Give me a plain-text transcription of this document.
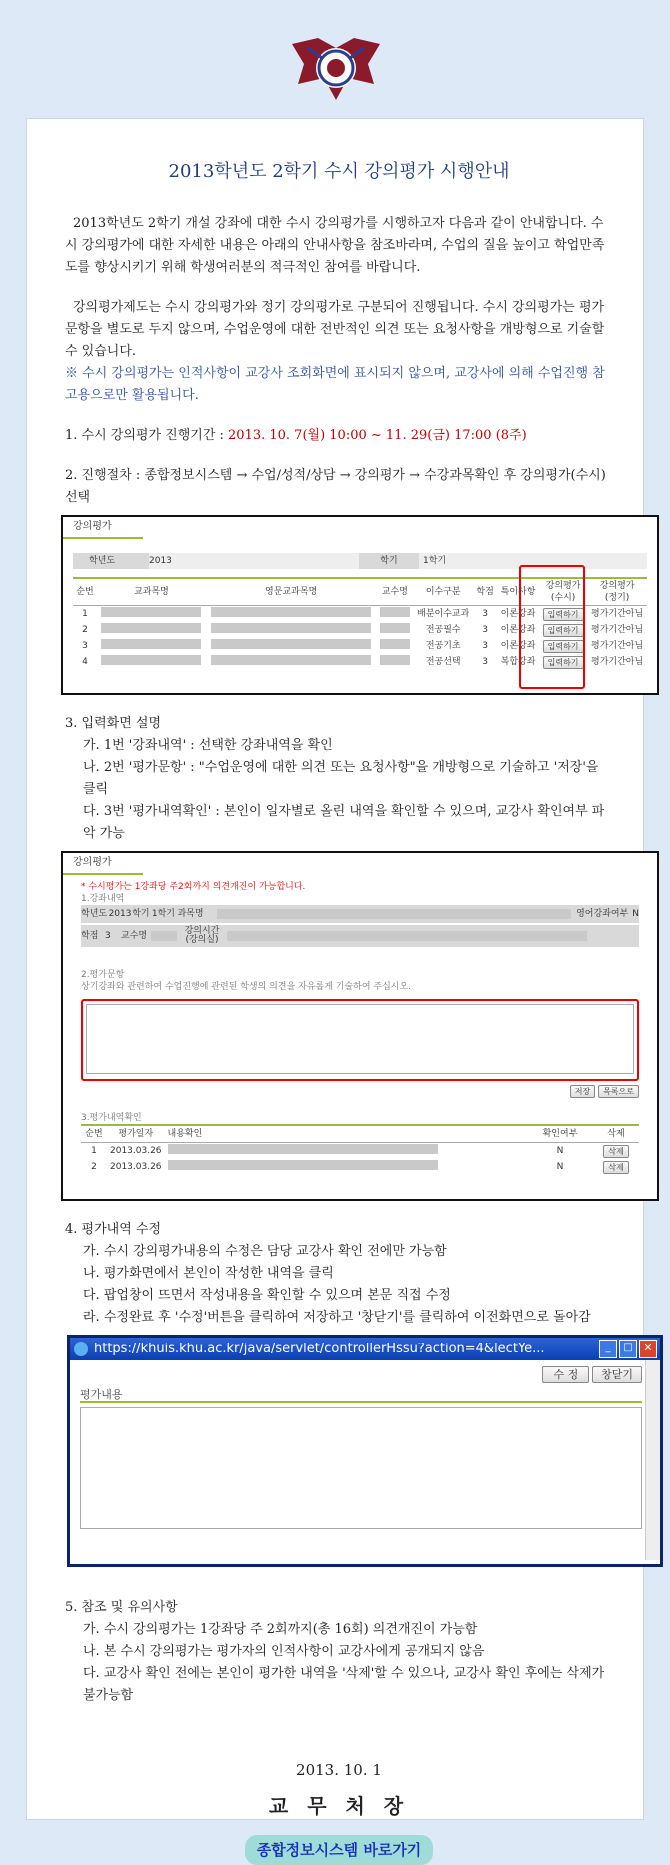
2013학년도 2학기 수시 강의평가 시행안내

2013학년도 2학기 개설 강좌에 대한 수시 강의평가를 시행하고자 다음과 같이 안내합니다. 수시 강의평가에 대한 자세한 내용은 아래의 안내사항을 참조바라며, 수업의 질을 높이고 학업만족도를 향상시키기 위해 학생여러분의 적극적인 참여를 바랍니다.

강의평가제도는 수시 강의평가와 정기 강의평가로 구분되어 진행됩니다. 수시 강의평가는 평가문항을 별도로 두지 않으며, 수업운영에 대한 전반적인 의견 또는 요청사항을 개방형으로 기술할 수 있습니다.

※ 수시 강의평가는 인적사항이 교강사 조회화면에 표시되지 않으며, 교강사에 의해 수업진행 참고용으로만 활용됩니다.

1. 수시 강의평가 진행기간 : 2013. 10. 7(월) 10:00 ~ 11. 29(금) 17:00 (8주)

2. 진행절차 : 종합정보시스템 → 수업/성적/상담 → 강의평가 → 수강과목확인 후 강의평가(수시) 선택

강의평가
학년도	2013	학기	1학기
순번	교과목명	영문교과목명	교수명	이수구분	학점	특이사항	강의평가
(수시)	강의평가
(정기)
1				배분이수교과	3	이론강좌	입력하기	평가기간아님
2				전공필수	3	이론강좌	입력하기	평가기간아님
3				전공기초	3	이론강좌	입력하기	평가기간아님
4				전공선택	3	복합강좌	입력하기	평가기간아님

3. 입력화면 설명

가. 1번 '강좌내역' : 선택한 강좌내역을 확인

나. 2번 '평가문항' : "수업운영에 대한 의견 또는 요청사항"을 개방형으로 기술하고 '저장'을 클릭

다. 3번 '평가내역확인' : 본인이 일자별로 올린 내역을 확인할 수 있으며, 교강사 확인여부 파악 가능

강의평가
* 수시평가는 1강좌당 주2회까지 의견개진이 가능합니다.
1.강좌내역
학년도 2013 학기 1학기 과목명	영어강좌여부 N
학점 3	교수명	강의시간
(강의실)
2.평가문항
상기강좌와 관련하여 수업진행에 관련된 학생의 의견을 자유롭게 기술하여 주십시오.
저장 목록으로
3.평가내역확인
순번	평가일자	내용확인	확인여부	삭제
1	2013.03.26		N	삭제
2	2013.03.26		N	삭제

4. 평가내역 수정

가. 수시 강의평가내용의 수정은 담당 교강사 확인 전에만 가능함

나. 평가화면에서 본인이 작성한 내역을 클릭

다. 팝업창이 뜨면서 작성내용을 확인할 수 있으며 본문 직접 수정

라. 수정완료 후 '수정'버튼을 클릭하여 저장하고 '창닫기'를 클릭하여 이전화면으로 돌아감

https://khuis.khu.ac.kr/java/servlet/controllerHssu?action=4&lectYe...	_	□ ✕
수 정 창닫기
평가내용

5. 참조 및 유의사항

가. 수시 강의평가는 1강좌당 주 2회까지(총 16회) 의견개진이 가능함

나. 본 수시 강의평가는 평가자의 인적사항이 교강사에게 공개되지 않음

다. 교강사 확인 전에는 본인이 평가한 내역을 '삭제'할 수 있으나, 교강사 확인 후에는 삭제가 불가능함

2013. 10. 1
교 무 처 장
종합정보시스템 바로가기
